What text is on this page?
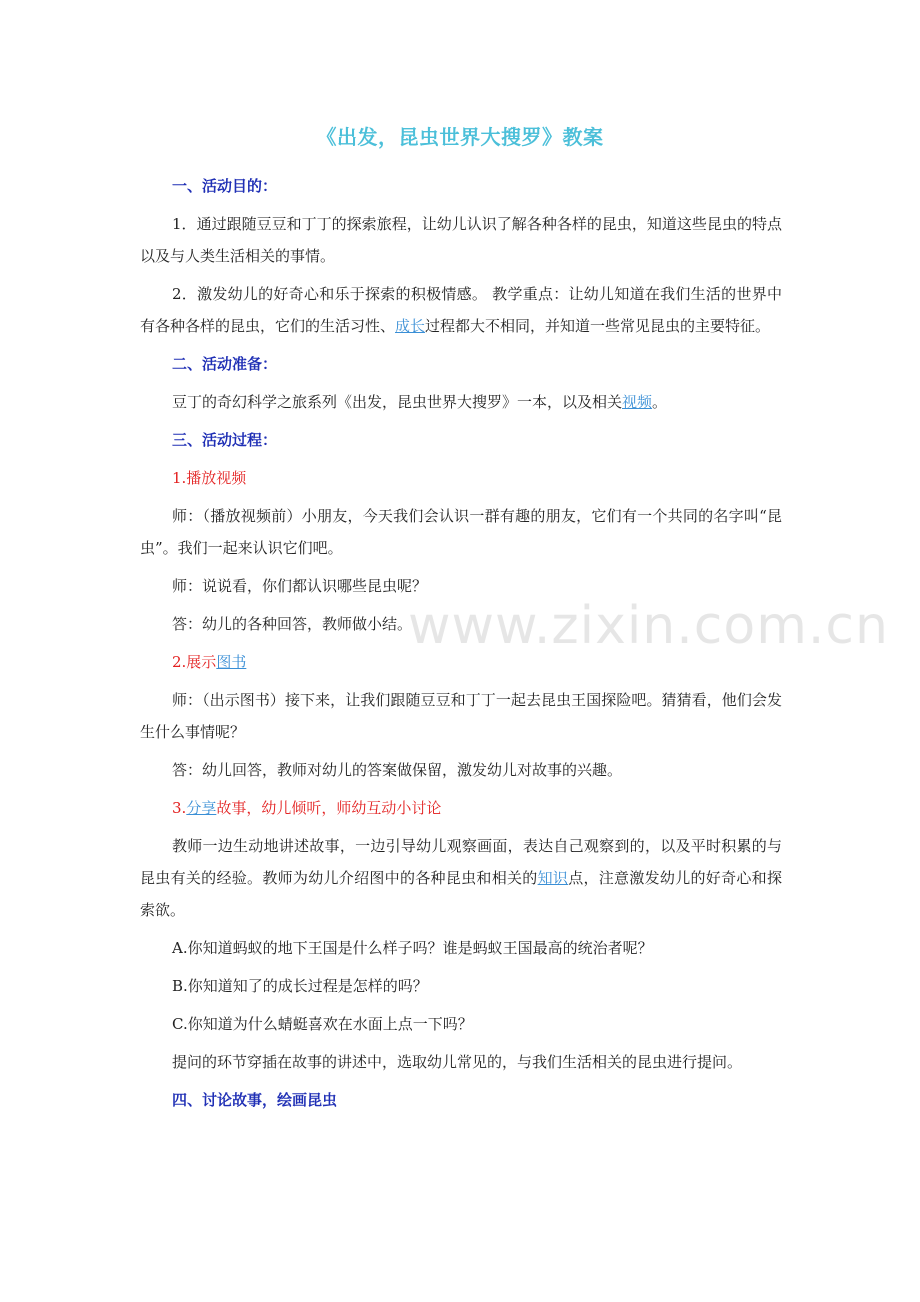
www.zixin.com.cn
《出发，昆虫世界大搜罗》教案

一、活动目的：

1．通过跟随豆豆和丁丁的探索旅程，让幼儿认识了解各种各样的昆虫，知道这些昆虫的特点以及与人类生活相关的事情。

2．激发幼儿的好奇心和乐于探索的积极情感。 教学重点：让幼儿知道在我们生活的世界中有各种各样的昆虫，它们的生活习性、成长过程都大不相同，并知道一些常见昆虫的主要特征。

二、活动准备：

豆丁的奇幻科学之旅系列《出发，昆虫世界大搜罗》一本，以及相关视频。

三、活动过程：

1.播放视频

师：（播放视频前）小朋友，今天我们会认识一群有趣的朋友，它们有一个共同的名字叫“昆虫”。我们一起来认识它们吧。

师：说说看，你们都认识哪些昆虫呢？

答：幼儿的各种回答，教师做小结。

2.展示图书

师：（出示图书）接下来，让我们跟随豆豆和丁丁一起去昆虫王国探险吧。猜猜看，他们会发生什么事情呢？

答：幼儿回答，教师对幼儿的答案做保留，激发幼儿对故事的兴趣。

3.分享故事，幼儿倾听，师幼互动小讨论

教师一边生动地讲述故事，一边引导幼儿观察画面，表达自己观察到的，以及平时积累的与昆虫有关的经验。教师为幼儿介绍图中的各种昆虫和相关的知识点，注意激发幼儿的好奇心和探索欲。

A.你知道蚂蚁的地下王国是什么样子吗？谁是蚂蚁王国最高的统治者呢？

B.你知道知了的成长过程是怎样的吗？

C.你知道为什么蜻蜓喜欢在水面上点一下吗？

提问的环节穿插在故事的讲述中，选取幼儿常见的，与我们生活相关的昆虫进行提问。

四、讨论故事，绘画昆虫
